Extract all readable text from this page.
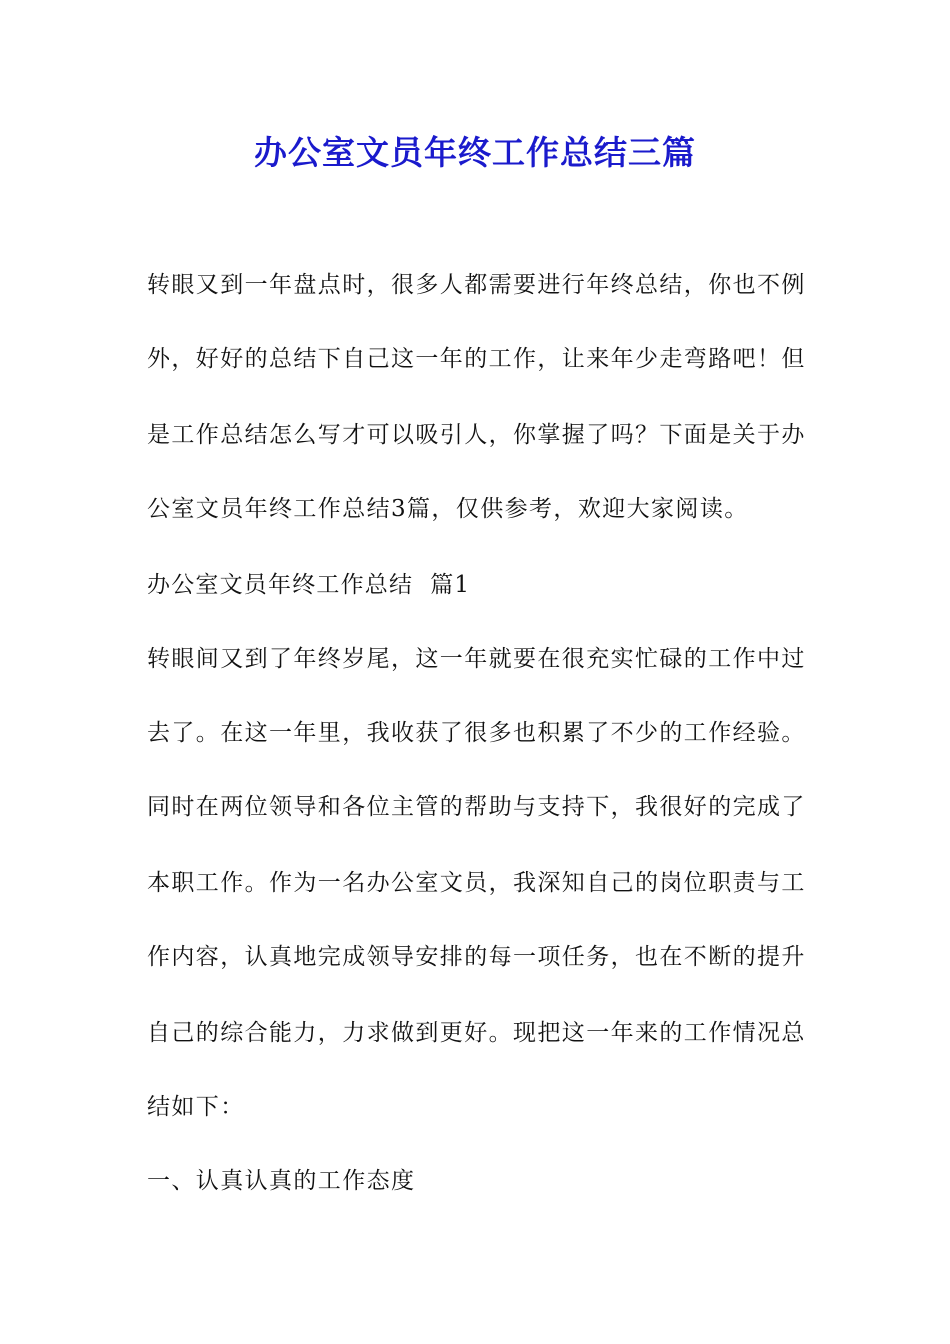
办公室文员年终工作总结三篇
转眼又到一年盘点时，很多人都需要进行年终总结，你也不例
外，好好的总结下自己这一年的工作，让来年少走弯路吧！但
是工作总结怎么写才可以吸引人，你掌握了吗？下面是关于办
公室文员年终工作总结3篇，仅供参考，欢迎大家阅读。
办公室文员年终工作总结  篇1
转眼间又到了年终岁尾，这一年就要在很充实忙碌的工作中过
去了。在这一年里，我收获了很多也积累了不少的工作经验。
同时在两位领导和各位主管的帮助与支持下，我很好的完成了
本职工作。作为一名办公室文员，我深知自己的岗位职责与工
作内容，认真地完成领导安排的每一项任务，也在不断的提升
自己的综合能力，力求做到更好。现把这一年来的工作情况总
结如下：
一、认真认真的工作态度
